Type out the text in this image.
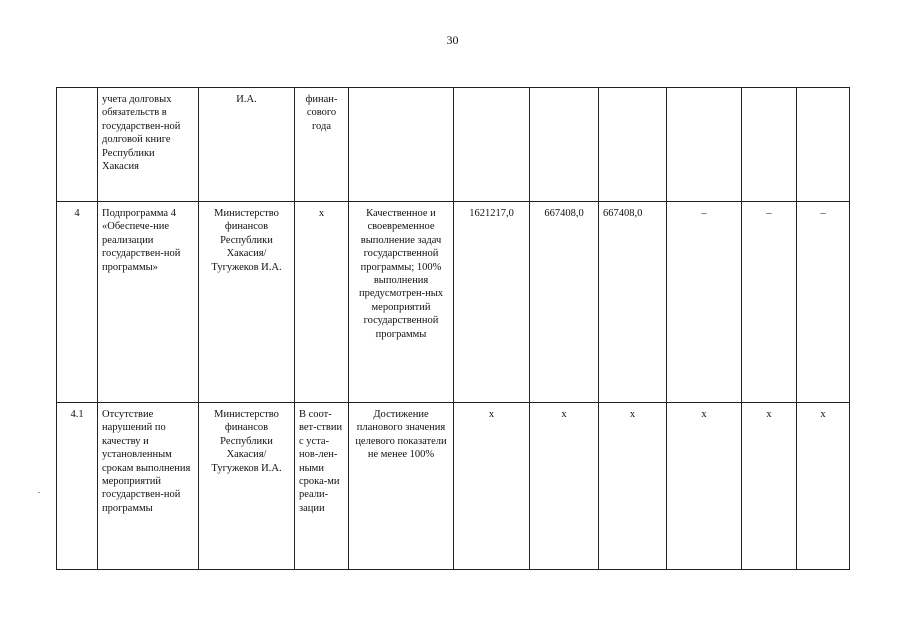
30
	учета долговых обязательств в государствен-ной долговой книге Республики Хакасия	И.А.	финан-сового года							
4	Подпрограмма 4 «Обеспече-ние реализации государствен-ной программы»	Министерство финансов Республики Хакасия/ Тугужеков И.А.	х	Качественное и своевременное выполнение задач государственной программы; 100% выполнения предусмотрен-ных мероприятий государственной программы	1621217,0	667408,0	667408,0	–	–	–
4.1	Отсутствие нарушений по качеству и установленным срокам выполнения мероприятий государствен-ной программы	Министерство финансов Республики Хакасия/ Тугужеков И.А.	В соот-вет-ствии с уста-нов-лен-ными срока-ми реали-зации	Достижение планового значения целевого показатели не менее 100%	х	х	х	х	х	х
